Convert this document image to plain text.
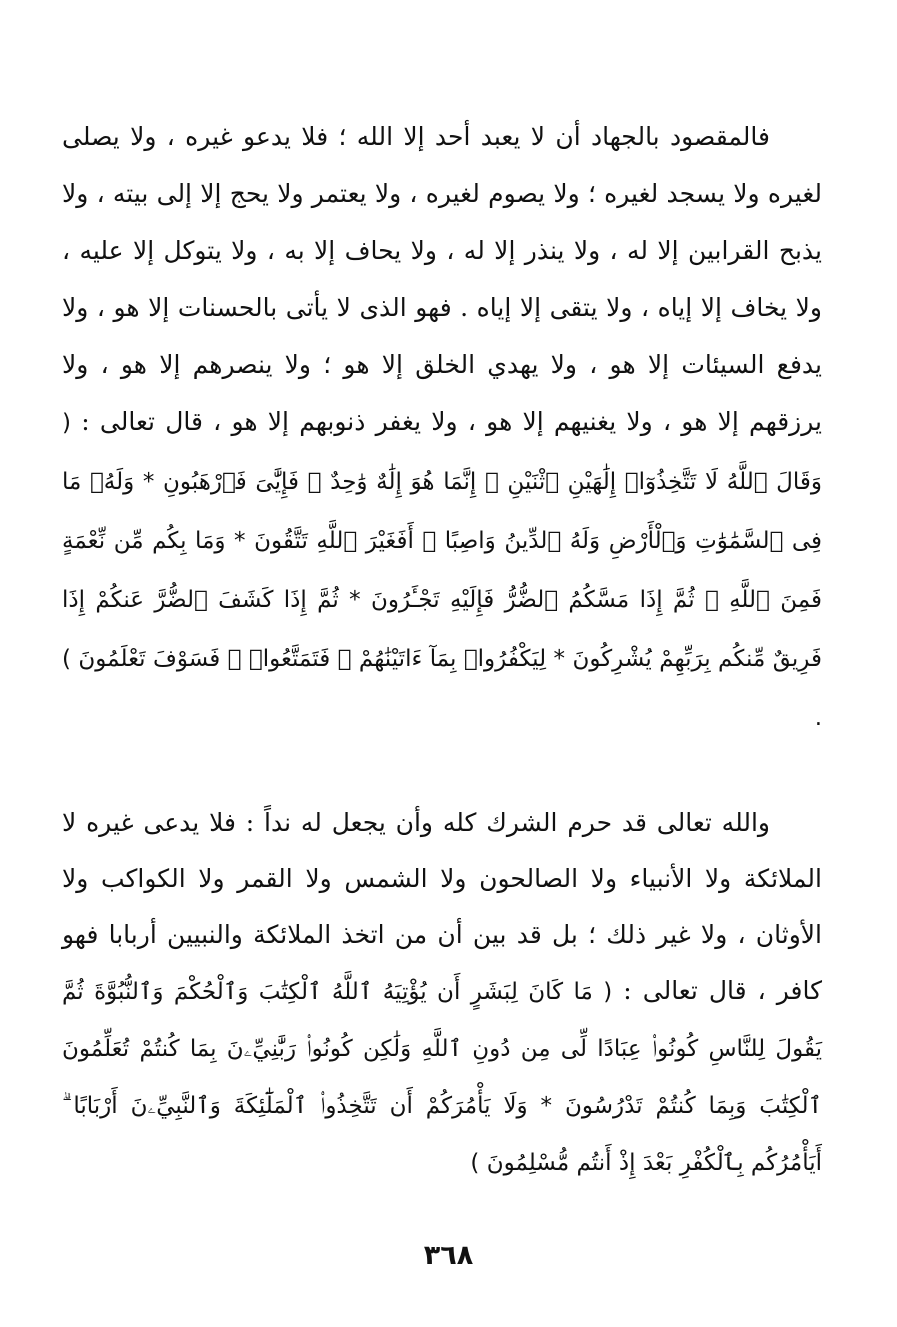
فالمقصود بالجهاد أن لا يعبد أحد إلا الله ؛ فلا يدعو غيره ، ولا يصلى لغيره ولا يسجد لغيره ؛ ولا يصوم لغيره ، ولا يعتمر ولا يحج إلا إلى بيته ، ولا يذبح القرابين إلا له ، ولا ينذر إلا له ، ولا يحاف إلا به ، ولا يتوكل إلا عليه ، ولا يخاف إلا إياه ، ولا يتقى إلا إياه . فهو الذى لا يأتى بالحسنات إلا هو ، ولا يدفع السيئات إلا هو ، ولا يهدي الخلق إلا هو ؛ ولا ينصرهم إلا هو ، ولا يرزقهم إلا هو ، ولا يغنيهم إلا هو ، ولا يغفر ذنوبهم إلا هو ، قال تعالى : ( وَقَالَ ٱللَّهُ لَا تَتَّخِذُوٓا۟ إِلَٰهَيْنِ ٱثْنَيْنِ ۖ إِنَّمَا هُوَ إِلَٰهٌ وَٰحِدٌ ۖ فَإِيَّٰىَ فَٱرْهَبُونِ * وَلَهُۥ مَا فِى ٱلسَّمَٰوَٰتِ وَٱلْأَرْضِ وَلَهُ ٱلدِّينُ وَاصِبًا ۚ أَفَغَيْرَ ٱللَّهِ تَتَّقُونَ * وَمَا بِكُم مِّن نِّعْمَةٍ فَمِنَ ٱللَّهِ ۖ ثُمَّ إِذَا مَسَّكُمُ ٱلضُّرُّ فَإِلَيْهِ تَجْـَٔرُونَ * ثُمَّ إِذَا كَشَفَ ٱلضُّرَّ عَنكُمْ إِذَا فَرِيقٌ مِّنكُم بِرَبِّهِمْ يُشْرِكُونَ * لِيَكْفُرُوا۟ بِمَآ ءَاتَيْنَٰهُمْ ۚ فَتَمَتَّعُوا۟ ۖ فَسَوْفَ تَعْلَمُونَ ) .

والله تعالى قد حرم الشرك كله وأن يجعل له نداً : فلا يدعى غيره لا الملائكة ولا الأنبياء ولا الصالحون ولا الشمس ولا القمر ولا الكواكب ولا الأوثان ، ولا غير ذلك ؛ بل قد بين أن من اتخذ الملائكة والنبيين أربابا فهو كافر ، قال تعالى : ( مَا كَانَ لِبَشَرٍ أَن يُؤْتِيَهُ ٱللَّهُ ٱلْكِتَٰبَ وَٱلْحُكْمَ وَٱلنُّبُوَّةَ ثُمَّ يَقُولَ لِلنَّاسِ كُونُوا۟ عِبَادًا لِّى مِن دُونِ ٱللَّهِ وَلَٰكِن كُونُوا۟ رَبَّٰنِيِّۦنَ بِمَا كُنتُمْ تُعَلِّمُونَ ٱلْكِتَٰبَ وَبِمَا كُنتُمْ تَدْرُسُونَ * وَلَا يَأْمُرَكُمْ أَن تَتَّخِذُوا۟ ٱلْمَلَٰٓئِكَةَ وَٱلنَّبِيِّۦنَ أَرْبَابًا ۗ أَيَأْمُرُكُم بِٱلْكُفْرِ بَعْدَ إِذْ أَنتُم مُّسْلِمُونَ )

٣٦٨
